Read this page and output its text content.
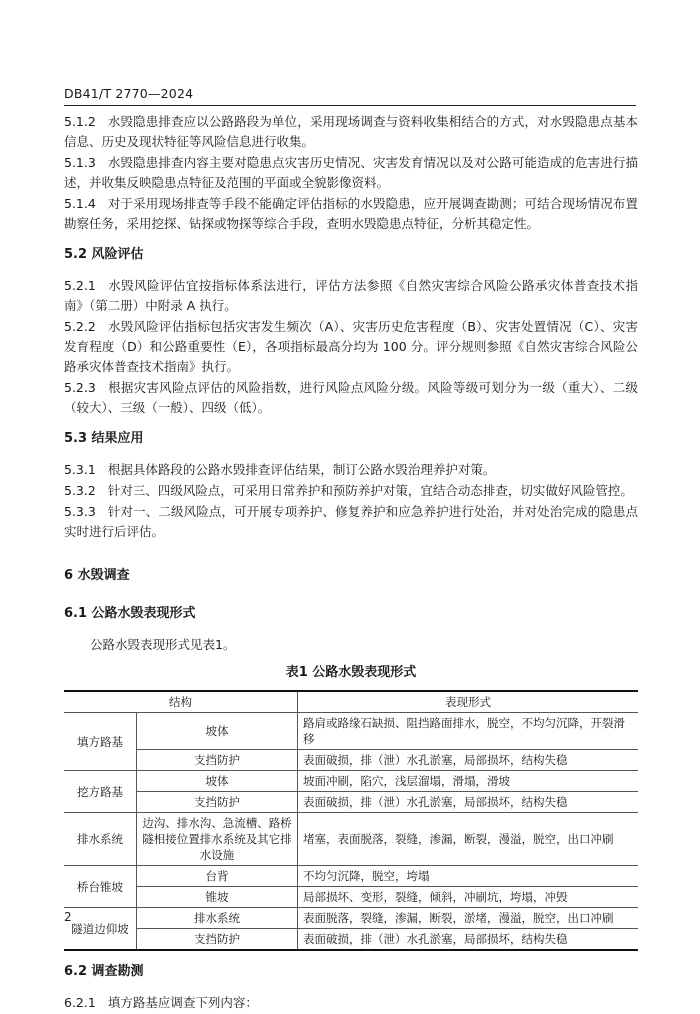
DB41/T 2770—2024

5.1.2 水毁隐患排查应以公路路段为单位，采用现场调查与资料收集相结合的方式，对水毁隐患点基本信息、历史及现状特征等风险信息进行收集。

5.1.3 水毁隐患排查内容主要对隐患点灾害历史情况、灾害发育情况以及对公路可能造成的危害进行描述，并收集反映隐患点特征及范围的平面或全貌影像资料。

5.1.4 对于采用现场排查等手段不能确定评估指标的水毁隐患，应开展调查勘测；可结合现场情况布置勘察任务，采用挖探、钻探或物探等综合手段，查明水毁隐患点特征，分析其稳定性。

5.2 风险评估

5.2.1 水毁风险评估宜按指标体系法进行，评估方法参照《自然灾害综合风险公路承灾体普查技术指南》（第二册）中附录 A 执行。

5.2.2 水毁风险评估指标包括灾害发生频次（A）、灾害历史危害程度（B）、灾害处置情况（C）、灾害发育程度（D）和公路重要性（E），各项指标最高分均为 100 分。评分规则参照《自然灾害综合风险公路承灾体普查技术指南》执行。

5.2.3 根据灾害风险点评估的风险指数，进行风险点风险分级。风险等级可划分为一级（重大）、二级（较大）、三级（一般）、四级（低）。

5.3 结果应用

5.3.1 根据具体路段的公路水毁排查评估结果，制订公路水毁治理养护对策。

5.3.2 针对三、四级风险点，可采用日常养护和预防养护对策，宜结合动态排查，切实做好风险管控。

5.3.3 针对一、二级风险点，可开展专项养护、修复养护和应急养护进行处治，并对处治完成的隐患点实时进行后评估。

6 水毁调查

6.1 公路水毁表现形式

公路水毁表现形式见表1。

表1 公路水毁表现形式

结构		表现形式
填方路基	坡体	路肩或路缘石缺损、阻挡路面排水，脱空，不均匀沉降，开裂滑移
	支挡防护	表面破损，排（泄）水孔淤塞，局部损坏，结构失稳
挖方路基	坡体	坡面冲刷，陷穴，浅层溜塌，滑塌，滑坡
	支挡防护	表面破损，排（泄）水孔淤塞，局部损坏，结构失稳
排水系统	边沟、排水沟、急流槽、路桥隧相接位置排水系统及其它排水设施	堵塞，表面脱落，裂缝，渗漏，断裂，漫溢，脱空，出口冲刷
桥台锥坡	台背	不均匀沉降，脱空，垮塌
	锥坡	局部损坏、变形，裂缝，倾斜，冲刷坑，垮塌，冲毁
隧道边仰坡	排水系统	表面脱落，裂缝，渗漏，断裂，淤堵，漫溢，脱空，出口冲刷
	支挡防护	表面破损，排（泄）水孔淤塞，局部损坏，结构失稳

6.2 调查勘测

6.2.1 填方路基应调查下列内容：

2
